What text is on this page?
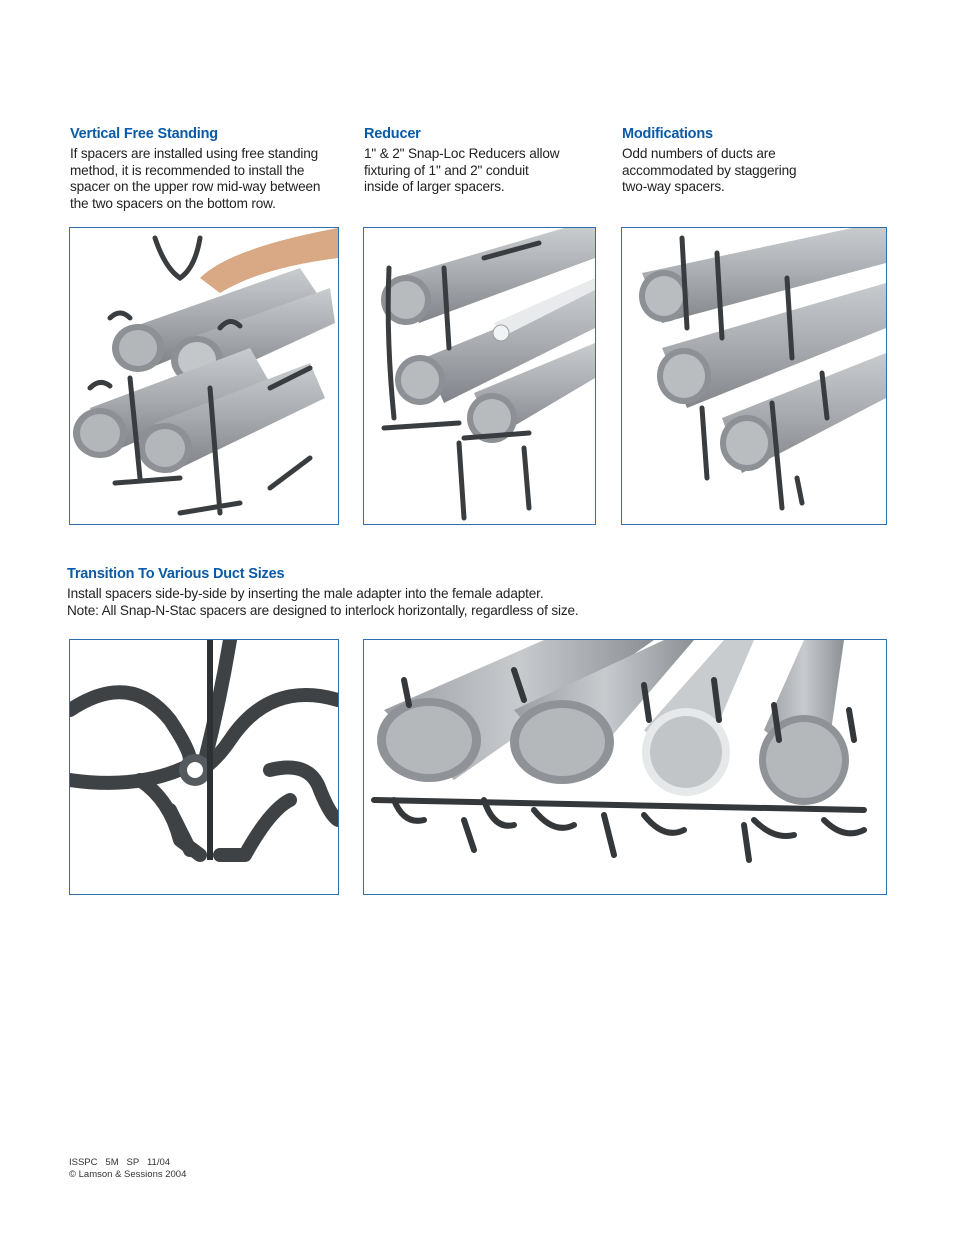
Vertical Free Standing

If spacers are installed using free standing
method, it is recommended to install the
spacer on the upper row mid-way between
the two spacers on the bottom row.

Reducer

1" & 2" Snap-Loc Reducers allow
fixturing of 1" and 2" conduit
inside of larger spacers.

Modifications

Odd numbers of ducts are
accommodated by staggering
two-way spacers.

Transition To Various Duct Sizes

Install spacers side-by-side by inserting the male adapter into the female adapter.
Note: All Snap-N-Stac spacers are designed to interlock horizontally, regardless of size.

ISSPC   5M   SP   11/04
© Lamson & Sessions 2004
